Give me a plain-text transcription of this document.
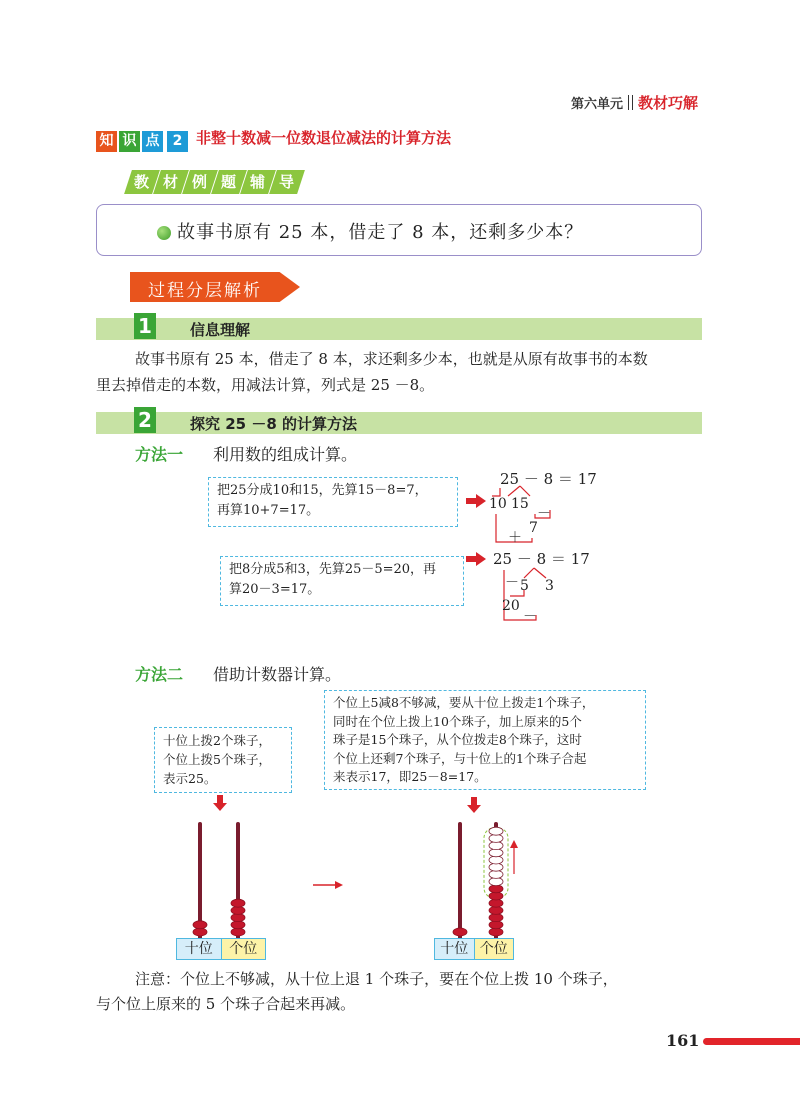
第六单元 教材巧解
知 识 点 2 非整十数减一位数退位减法的计算方法
教 材 例 题 辅 导
故事书原有 25 本，借走了 8 本，还剩多少本？
过程分层解析
1	信息理解
故事书原有 25 本，借走了 8 本，求还剩多少本，也就是从原有故事书的本数
里去掉借走的本数，用减法计算，列式是 25 －8。
2	探究 25 －8 的计算方法
方法一 利用数的组成计算。
把25分成10和15，先算15－8=7，
再算10+7=17。
25 － 8 ＝ 17
10 15
－
7
＋
把8分成5和3，先算25－5=20，再
算20－3=17。
25 － 8 ＝ 17
－ 5 3
20
－
方法二 借助计数器计算。
十位上拨2个珠子，
个位上拨5个珠子，
表示25。
个位上5减8不够减，要从十位上拨走1个珠子，
同时在个位上拨上10个珠子，加上原来的5个
珠子是15个珠子，从个位拨走8个珠子，这时
个位上还剩7个珠子，与十位上的1个珠子合起
来表示17，即25－8=17。
十位	个位	十位 个位
注意：个位上不够减，从十位上退 1 个珠子，要在个位上拨 10 个珠子，
与个位上原来的 5 个珠子合起来再减。
161
